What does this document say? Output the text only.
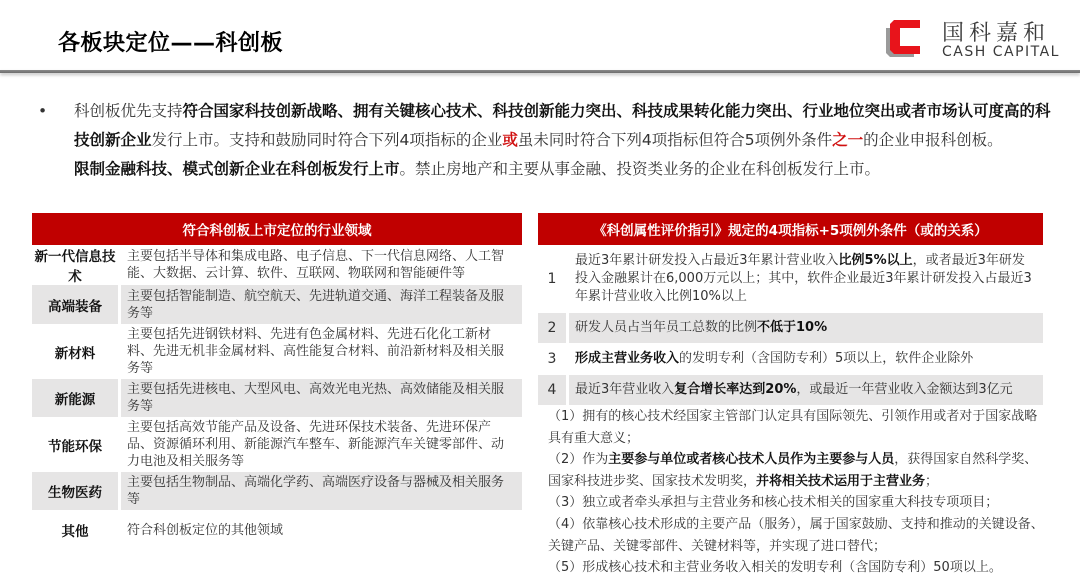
各板块定位——科创板	国科嘉和
CASH CAPITAL
• 科创板优先支持符合国家科技创新战略、拥有关键核心技术、科技创新能力突出、科技成果转化能力突出、行业地位突出或者市场认可度高的科技创新企业发行上市。支持和鼓励同时符合下列4项指标的企业或虽未同时符合下列4项指标但符合5项例外条件之一的企业申报科创板。
限制金融科技、模式创新企业在科创板发行上市。禁止房地产和主要从事金融、投资类业务的企业在科创板发行上市。
符合科创板上市定位的行业领域	
新一代信息技术	主要包括半导体和集成电路、电子信息、下一代信息网络、人工智能、大数据、云计算、软件、互联网、物联网和智能硬件等
高端装备	主要包括智能制造、航空航天、先进轨道交通、海洋工程装备及服务等
新材料	主要包括先进钢铁材料、先进有色金属材料、先进石化化工新材料、先进无机非金属材料、高性能复合材料、前沿新材料及相关服务等
新能源	主要包括先进核电、大型风电、高效光电光热、高效储能及相关服务等
节能环保	主要包括高效节能产品及设备、先进环保技术装备、先进环保产品、资源循环利用、新能源汽车整车、新能源汽车关键零部件、动力电池及相关服务等
生物医药	主要包括生物制品、高端化学药、高端医疗设备与器械及相关服务等
其他	符合科创板定位的其他领域
《科创属性评价指引》规定的4项指标+5项例外条件（或的关系）	
1	最近3年累计研发投入占最近3年累计营业收入比例5%以上，或者最近3年研发投入金融累计在6,000万元以上；其中，软件企业最近3年累计研发投入占最近3年累计营业收入比例10%以上
2	研发人员占当年员工总数的比例不低于10%
3	形成主营业务收入的发明专利（含国防专利）5项以上，软件企业除外
4	最近3年营业收入复合增长率达到20%，或最近一年营业收入金额达到3亿元
（1）拥有的核心技术经国家主管部门认定具有国际领先、引领作用或者对于国家战略具有重大意义；
（2）作为主要参与单位或者核心技术人员作为主要参与人员，获得国家自然科学奖、国家科技进步奖、国家技术发明奖，并将相关技术运用于主营业务；
（3）独立或者牵头承担与主营业务和核心技术相关的国家重大科技专项项目；
（4）依靠核心技术形成的主要产品（服务），属于国家鼓励、支持和推动的关键设备、关键产品、关键零部件、关键材料等，并实现了进口替代；
（5）形成核心技术和主营业务收入相关的发明专利（含国防专利）50项以上。
